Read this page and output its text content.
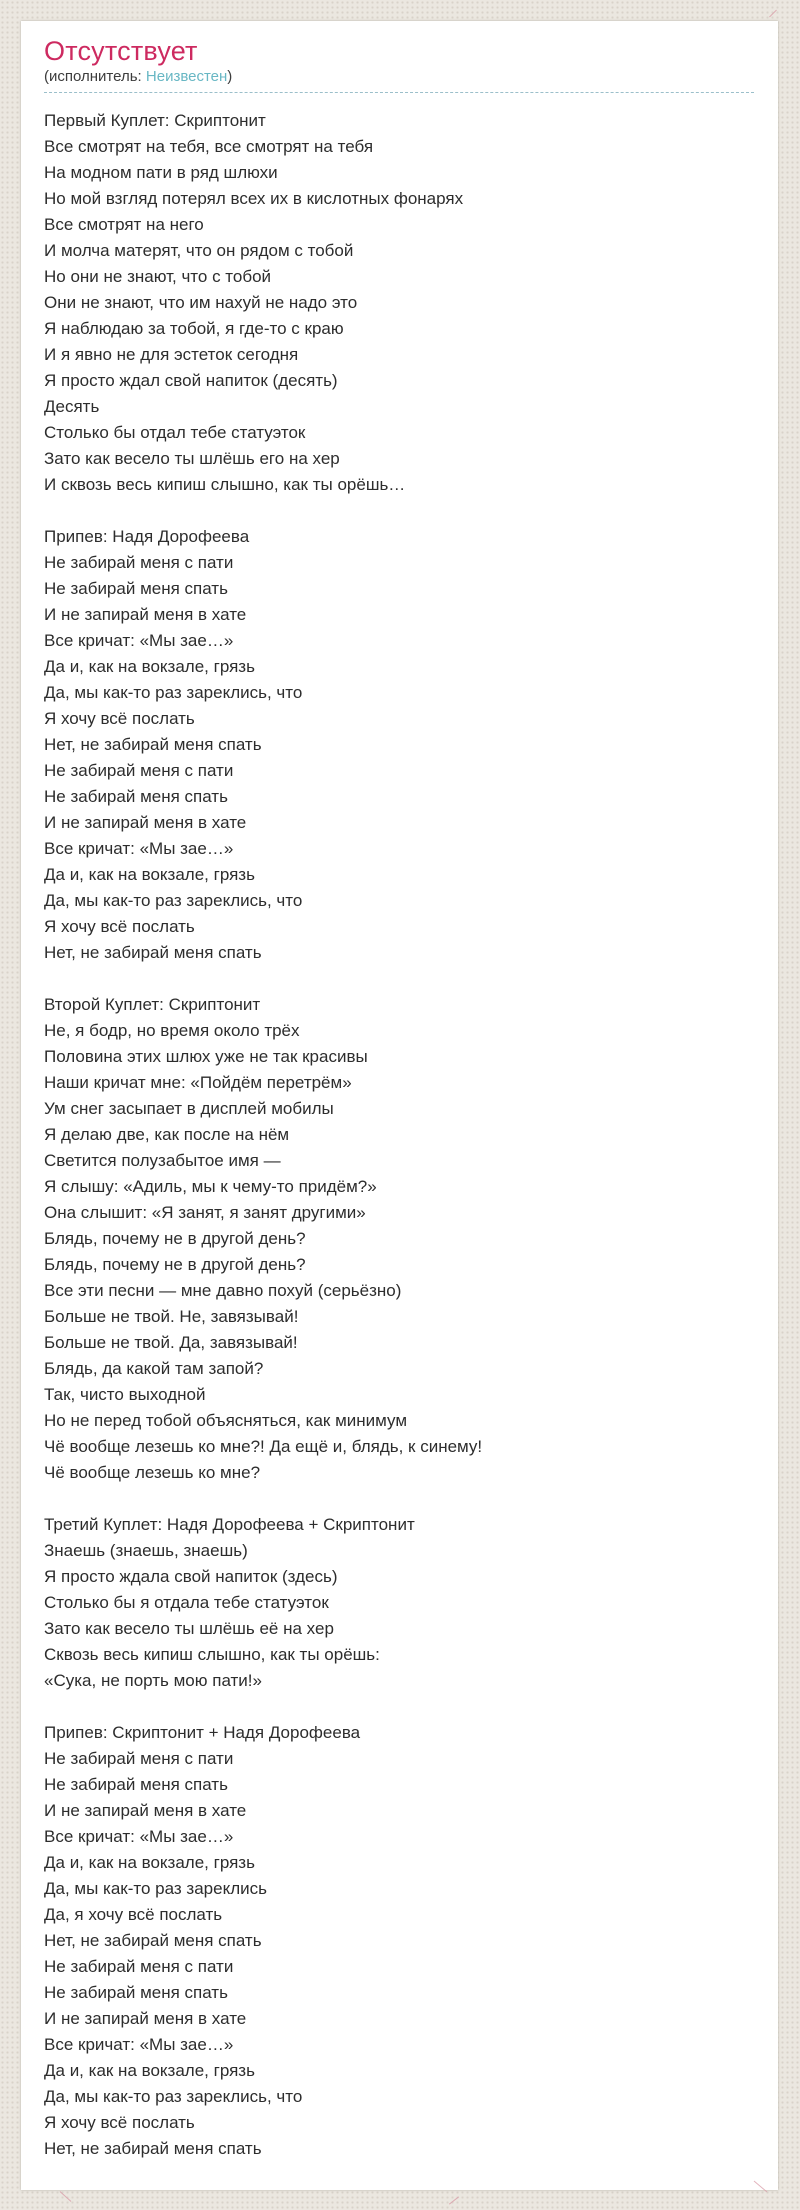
Отсутствует
(исполнитель: Неизвестен)

Первый Куплет: Скриптонит

Все смотрят на тебя, все смотрят на тебя

На модном пати в ряд шлюхи

Но мой взгляд потерял всех их в кислотных фонарях

Все смотрят на него

И молча матерят, что он рядом с тобой

Но они не знают, что с тобой

Они не знают, что им нахуй не надо это

Я наблюдаю за тобой, я где-то с краю

И я явно не для эстеток сегодня

Я просто ждал свой напиток (десять)

Десять

Столько бы отдал тебе статуэток

Зато как весело ты шлёшь его на хер

И сквозь весь кипиш слышно, как ты орёшь…

Припев: Надя Дорофеева

Не забирай меня с пати

Не забирай меня спать

И не запирай меня в хате

Все кричат: «Мы зае…»

Да и, как на вокзале, грязь

Да, мы как-то раз зареклись, что

Я хочу всё послать

Нет, не забирай меня спать

Не забирай меня с пати

Не забирай меня спать

И не запирай меня в хате

Все кричат: «Мы зае…»

Да и, как на вокзале, грязь

Да, мы как-то раз зареклись, что

Я хочу всё послать

Нет, не забирай меня спать

Второй Куплет: Скриптонит

Не, я бодр, но время около трёх

Половина этих шлюх уже не так красивы

Наши кричат мне: «Пойдём перетрём»

Ум снег засыпает в дисплей мобилы

Я делаю две, как после на нём

Светится полузабытое имя —

Я слышу: «Адиль, мы к чему-то придём?»

Она слышит: «Я занят, я занят другими»

Блядь, почему не в другой день?

Блядь, почему не в другой день?

Все эти песни — мне давно похуй (серьёзно)

Больше не твой. Не, завязывай!

Больше не твой. Да, завязывай!

Блядь, да какой там запой?

Так, чисто выходной

Но не перед тобой объясняться, как минимум

Чё вообще лезешь ко мне?! Да ещё и, блядь, к синему!

Чё вообще лезешь ко мне?

Третий Куплет: Надя Дорофеева + Скриптонит

Знаешь (знаешь, знаешь)

Я просто ждала свой напиток (здесь)

Столько бы я отдала тебе статуэток

Зато как весело ты шлёшь её на хер

Сквозь весь кипиш слышно, как ты орёшь:

«Сука, не порть мою пати!»

Припев: Скриптонит + Надя Дорофеева

Не забирай меня с пати

Не забирай меня спать

И не запирай меня в хате

Все кричат: «Мы зае…»

Да и, как на вокзале, грязь

Да, мы как-то раз зареклись

Да, я хочу всё послать

Нет, не забирай меня спать

Не забирай меня с пати

Не забирай меня спать

И не запирай меня в хате

Все кричат: «Мы зае…»

Да и, как на вокзале, грязь

Да, мы как-то раз зареклись, что

Я хочу всё послать

Нет, не забирай меня спать
